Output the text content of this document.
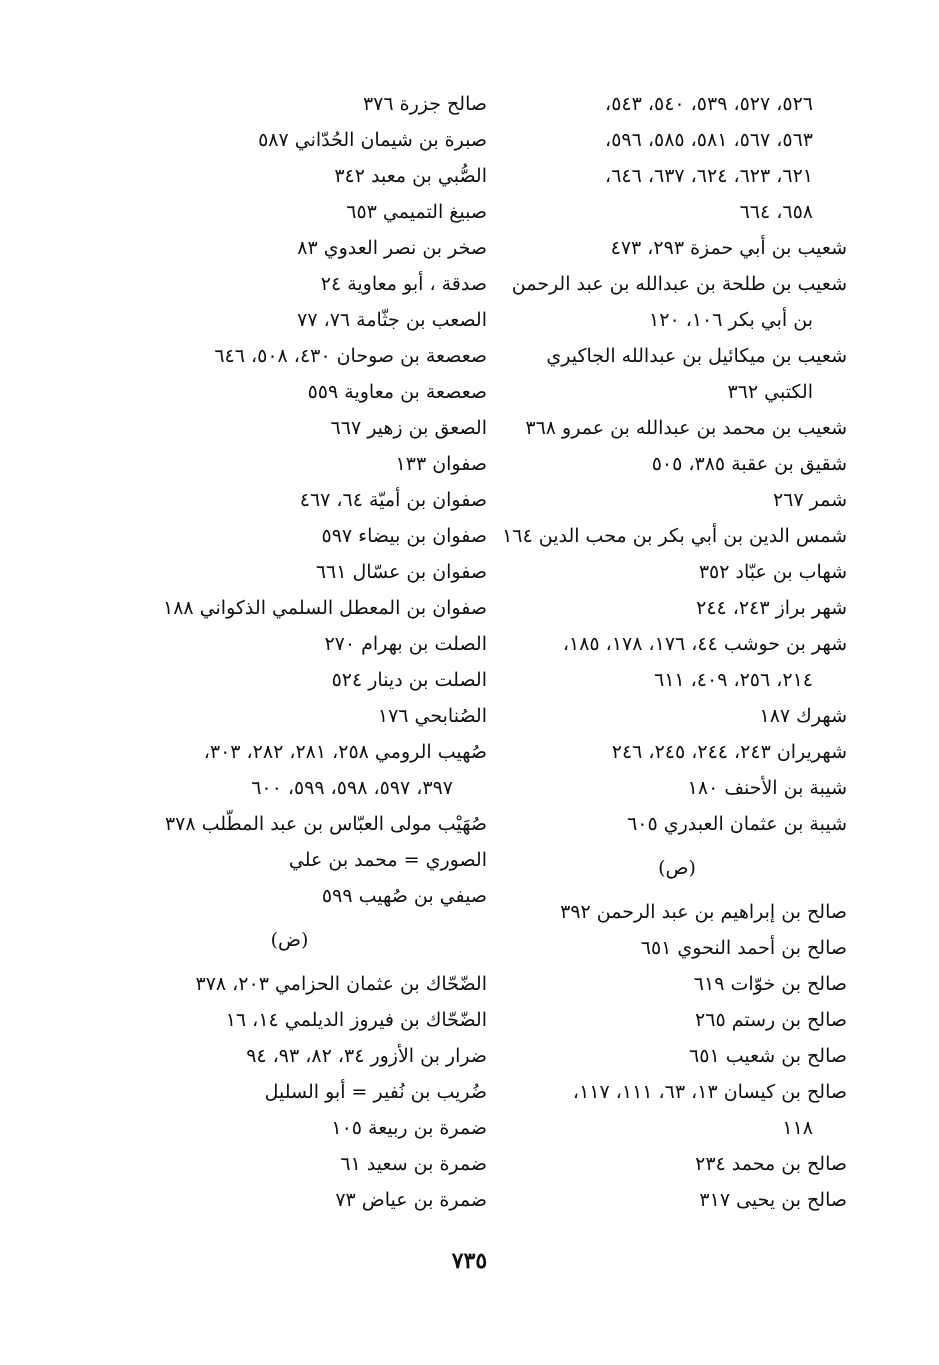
٥٢٦، ٥٢٧، ٥٣٩، ٥٤٠، ٥٤٣،
٥٦٣، ٥٦٧، ٥٨١، ٥٨٥، ٥٩٦،
٦٢١، ٦٢٣، ٦٢٤، ٦٣٧، ٦٤٦،
٦٥٨، ٦٦٤
شعيب بن أبي حمزة ٢٩٣، ٤٧٣
شعيب بن طلحة بن عبدالله بن عبد الرحمن
بن أبي بكر ١٠٦، ١٢٠
شعيب بن ميكائيل بن عبدالله الجاكيري
الكتبي ٣٦٢
شعيب بن محمد بن عبدالله بن عمرو ٣٦٨
شقيق بن عقبة ٣٨٥، ٥٠٥
شمر ٢٦٧
شمس الدين بن أبي بكر بن محب الدين ١٦٤
شهاب بن عبّاد ٣٥٢
شهر براز ٢٤٣، ٢٤٤
شهر بن حوشب ٤٤، ١٧٦، ١٧٨، ١٨٥،
٢١٤، ٢٥٦، ٤٠٩، ٦١١
شهرك ١٨٧
شهريران ٢٤٣، ٢٤٤، ٢٤٥، ٢٤٦
شيبة بن الأحنف ١٨٠
شيبة بن عثمان العبدري ٦٠٥
(ص)
صالح بن إبراهيم بن عبد الرحمن ٣٩٢
صالح بن أحمد النحوي ٦٥١
صالح بن خوّات ٦١٩
صالح بن رستم ٢٦٥
صالح بن شعيب ٦٥١
صالح بن كيسان ١٣، ٦٣، ١١١، ١١٧،
١١٨
صالح بن محمد ٢٣٤
صالح بن يحيى ٣١٧
صالح جزرة ٣٧٦
صبرة بن شيمان الحُدّاني ٥٨٧
الصُّبي بن معبد ٣٤٢
صبيغ التميمي ٦٥٣
صخر بن نصر العدوي ٨٣
صدقة ، أبو معاوية ٢٤
الصعب بن جثّامة ٧٦، ٧٧
صعصعة بن صوحان ٤٣٠، ٥٠٨، ٦٤٦
صعصعة بن معاوية ٥٥٩
الصعق بن زهير ٦٦٧
صفوان ١٣٣
صفوان بن أميّة ٦٤، ٤٦٧
صفوان بن بيضاء ٥٩٧
صفوان بن عسّال ٦٦١
صفوان بن المعطل السلمي الذكواني ١٨٨
الصلت بن بهرام ٢٧٠
الصلت بن دينار ٥٢٤
الصُنابحي ١٧٦
صُهيب الرومي ٢٥٨، ٢٨١، ٢٨٢، ٣٠٣،
٣٩٧، ٥٩٧، ٥٩٨، ٥٩٩، ٦٠٠
صُهَيْب مولى العبّاس بن عبد المطّلب ٣٧٨
الصوري = محمد بن علي
صيفي بن صُهيب ٥٩٩
(ض)
الضّحّاك بن عثمان الحزامي ٢٠٣، ٣٧٨
الضّحّاك بن فيروز الديلمي ١٤، ١٦
ضرار بن الأزور ٣٤، ٨٢، ٩٣، ٩٤
ضُريب بن نُفير = أبو السليل
ضمرة بن ربيعة ١٠٥
ضمرة بن سعيد ٦١
ضمرة بن عياض ٧٣
٧٣٥
